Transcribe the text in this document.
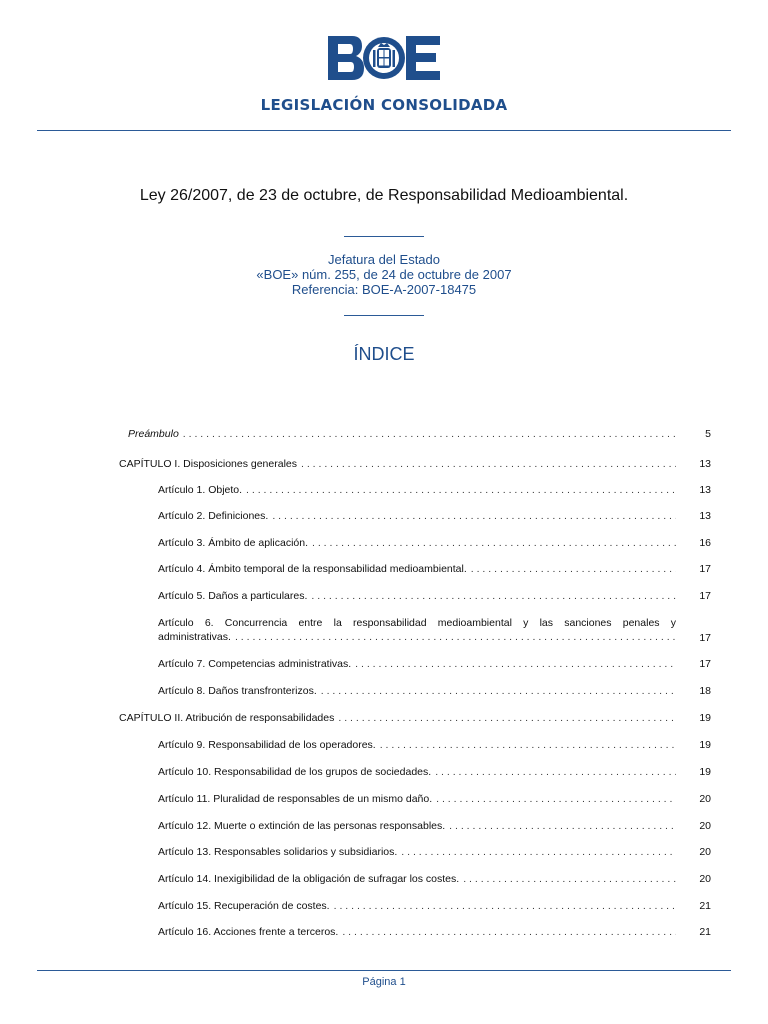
LEGISLACIÓN CONSOLIDADA
Ley 26/2007, de 23 de octubre, de Responsabilidad Medioambiental.
Jefatura del Estado
«BOE» núm. 255, de 24 de octubre de 2007
Referencia: BOE-A-2007-18475
ÍNDICE
Preámbulo . . .	5
CAPÍTULO I. Disposiciones generales . . .	13
Artículo 1. Objeto. . . .	13
Artículo 2. Definiciones. . . .	13
Artículo 3. Ámbito de aplicación. . . .	16
Artículo 4. Ámbito temporal de la responsabilidad medioambiental. . . .	17
Artículo 5. Daños a particulares. . . .	17
Artículo 6. Concurrencia entre la responsabilidad medioambiental y las sanciones penales y
administrativas. . . .	17
Artículo 7. Competencias administrativas. . . .	17
Artículo 8. Daños transfronterizos. . . .	18
CAPÍTULO II. Atribución de responsabilidades . . .	19
Artículo 9. Responsabilidad de los operadores. . . .	19
Artículo 10. Responsabilidad de los grupos de sociedades. . . .	19
Artículo 11. Pluralidad de responsables de un mismo daño. . . .	20
Artículo 12. Muerte o extinción de las personas responsables. . . .	20
Artículo 13. Responsables solidarios y subsidiarios. . . .	20
Artículo 14. Inexigibilidad de la obligación de sufragar los costes. . . .	20
Artículo 15. Recuperación de costes. . . .	21
Artículo 16. Acciones frente a terceros. . . .	21
Página 1
